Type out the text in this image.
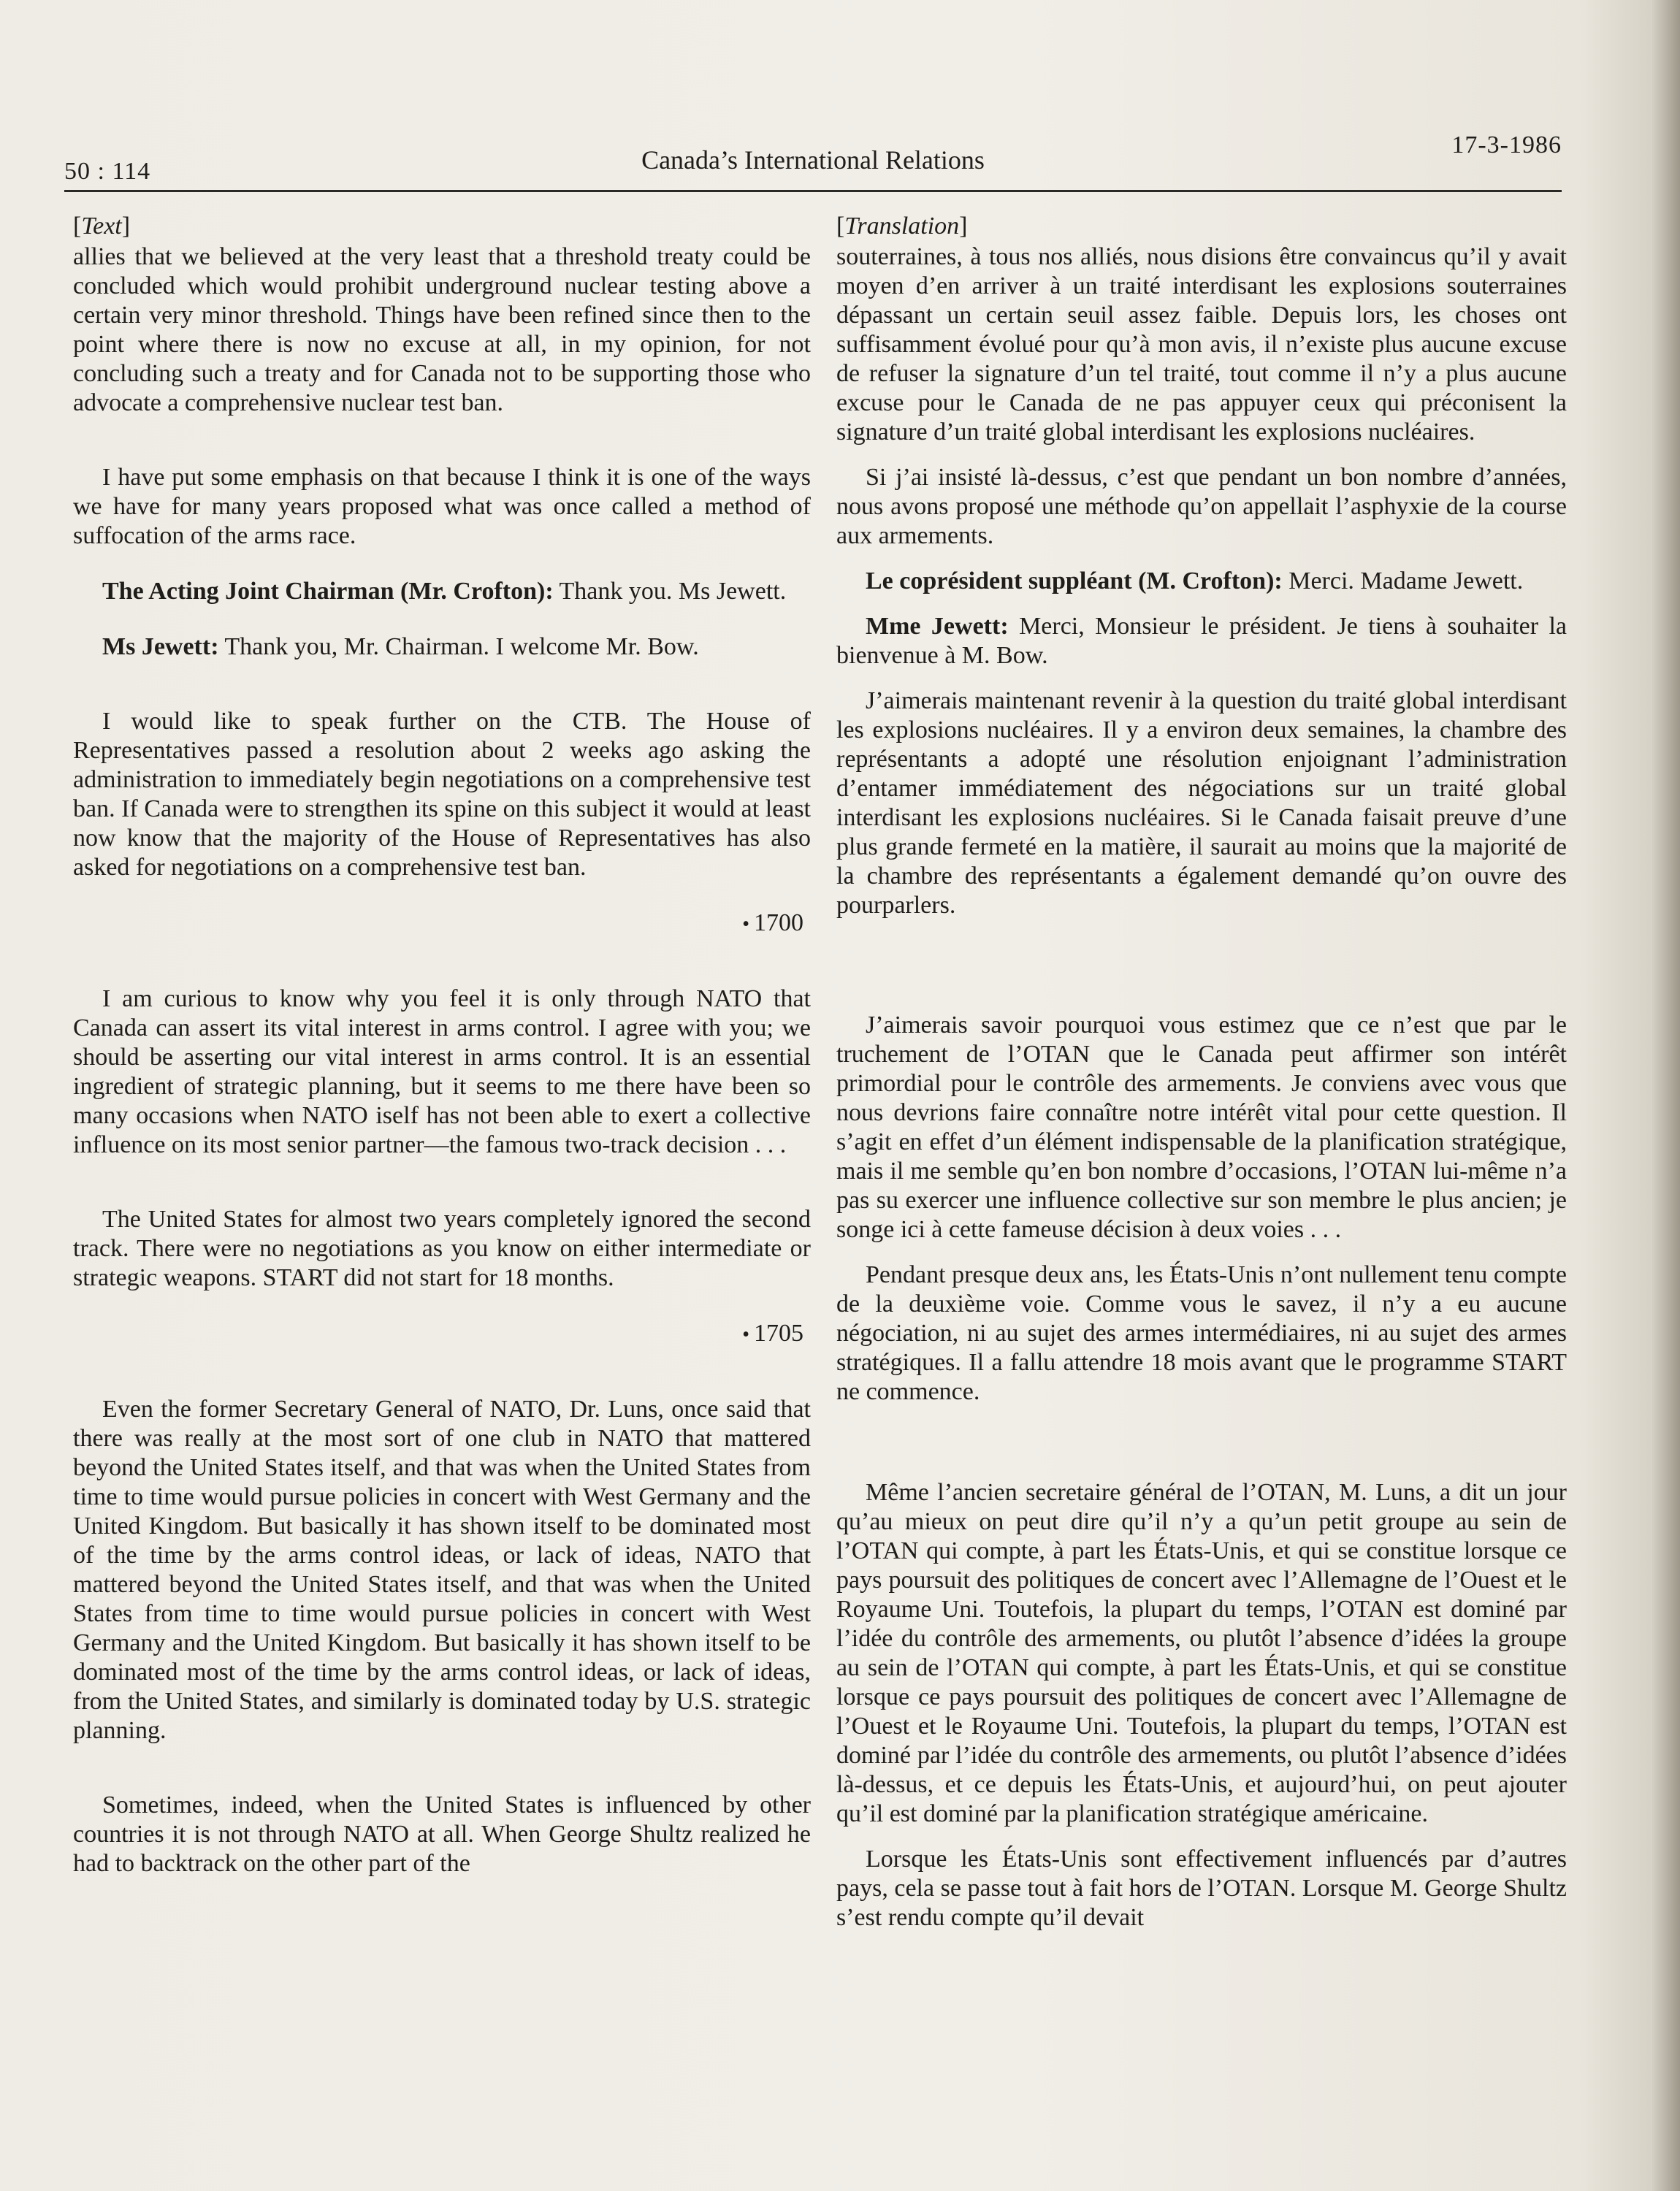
50 : 114	Canada’s International Relations
17-3-1986
[Text]

allies that we believed at the very least that a threshold treaty could be concluded which would prohibit underground nuclear testing above a certain very minor threshold. Things have been refined since then to the point where there is now no excuse at all, in my opinion, for not concluding such a treaty and for Canada not to be supporting those who advocate a comprehensive nuclear test ban.

I have put some emphasis on that because I think it is one of the ways we have for many years proposed what was once called a method of suffocation of the arms race.

The Acting Joint Chairman (Mr. Crofton): Thank you. Ms Jewett.

Ms Jewett: Thank you, Mr. Chairman. I welcome Mr. Bow.

I would like to speak further on the CTB. The House of Representatives passed a resolution about 2 weeks ago asking the administration to immediately begin negotiations on a comprehensive test ban. If Canada were to strengthen its spine on this subject it would at least now know that the majority of the House of Representatives has also asked for negotiations on a comprehensive test ban.

• 1700

I am curious to know why you feel it is only through NATO that Canada can assert its vital interest in arms control. I agree with you; we should be asserting our vital interest in arms control. It is an essential ingredient of strategic planning, but it seems to me there have been so many occasions when NATO iself has not been able to exert a collective influence on its most senior partner—the famous two-track decision . . .

The United States for almost two years completely ignored the second track. There were no negotiations as you know on either intermediate or strategic weapons. START did not start for 18 months.

• 1705

Even the former Secretary General of NATO, Dr. Luns, once said that there was really at the most sort of one club in NATO that mattered beyond the United States itself, and that was when the United States from time to time would pursue policies in concert with West Germany and the United Kingdom. But basically it has shown itself to be dominated most of the time by the arms control ideas, or lack of ideas, NATO that mattered beyond the United States itself, and that was when the United States from time to time would pursue policies in concert with West Germany and the United Kingdom. But basically it has shown itself to be dominated most of the time by the arms control ideas, or lack of ideas, from the United States, and similarly is dominated today by U.S. strategic planning.

Sometimes, indeed, when the United States is influenced by other countries it is not through NATO at all. When George Shultz realized he had to backtrack on the other part of the

[Translation]

souterraines, à tous nos alliés, nous disions être convaincus qu’il y avait moyen d’en arriver à un traité interdisant les explosions souterraines dépassant un certain seuil assez faible. Depuis lors, les choses ont suffisamment évolué pour qu’à mon avis, il n’existe plus aucune excuse de refuser la signature d’un tel traité, tout comme il n’y a plus aucune excuse pour le Canada de ne pas appuyer ceux qui préconisent la signature d’un traité global interdisant les explosions nucléaires.

Si j’ai insisté là-dessus, c’est que pendant un bon nombre d’années, nous avons proposé une méthode qu’on appellait l’asphyxie de la course aux armements.

Le coprésident suppléant (M. Crofton): Merci. Madame Jewett.

Mme Jewett: Merci, Monsieur le président. Je tiens à souhaiter la bienvenue à M. Bow.

J’aimerais maintenant revenir à la question du traité global interdisant les explosions nucléaires. Il y a environ deux semaines, la chambre des représentants a adopté une résolution enjoignant l’administration d’entamer immédiatement des négociations sur un traité global interdisant les explosions nucléaires. Si le Canada faisait preuve d’une plus grande fermeté en la matière, il saurait au moins que la majorité de la chambre des représentants a également demandé qu’on ouvre des pourparlers.

J’aimerais savoir pourquoi vous estimez que ce n’est que par le truchement de l’OTAN que le Canada peut affirmer son intérêt primordial pour le contrôle des armements. Je conviens avec vous que nous devrions faire connaître notre intérêt vital pour cette question. Il s’agit en effet d’un élément indispensable de la planification stratégique, mais il me semble qu’en bon nombre d’occasions, l’OTAN lui-même n’a pas su exercer une influence collective sur son membre le plus ancien; je songe ici à cette fameuse décision à deux voies . . .

Pendant presque deux ans, les États-Unis n’ont nullement tenu compte de la deuxième voie. Comme vous le savez, il n’y a eu aucune négociation, ni au sujet des armes intermédiaires, ni au sujet des armes stratégiques. Il a fallu attendre 18 mois avant que le programme START ne commence.

Même l’ancien secretaire général de l’OTAN, M. Luns, a dit un jour qu’au mieux on peut dire qu’il n’y a qu’un petit groupe au sein de l’OTAN qui compte, à part les États-Unis, et qui se constitue lorsque ce pays poursuit des politiques de concert avec l’Allemagne de l’Ouest et le Royaume Uni. Toutefois, la plupart du temps, l’OTAN est dominé par l’idée du contrôle des armements, ou plutôt l’absence d’idées la groupe au sein de l’OTAN qui compte, à part les États-Unis, et qui se constitue lorsque ce pays poursuit des politiques de concert avec l’Allemagne de l’Ouest et le Royaume Uni. Toutefois, la plupart du temps, l’OTAN est dominé par l’idée du contrôle des armements, ou plutôt l’absence d’idées là-dessus, et ce depuis les États-Unis, et aujourd’hui, on peut ajouter qu’il est dominé par la planification stratégique américaine.

Lorsque les États-Unis sont effectivement influencés par d’autres pays, cela se passe tout à fait hors de l’OTAN. Lorsque M. George Shultz s’est rendu compte qu’il devait
